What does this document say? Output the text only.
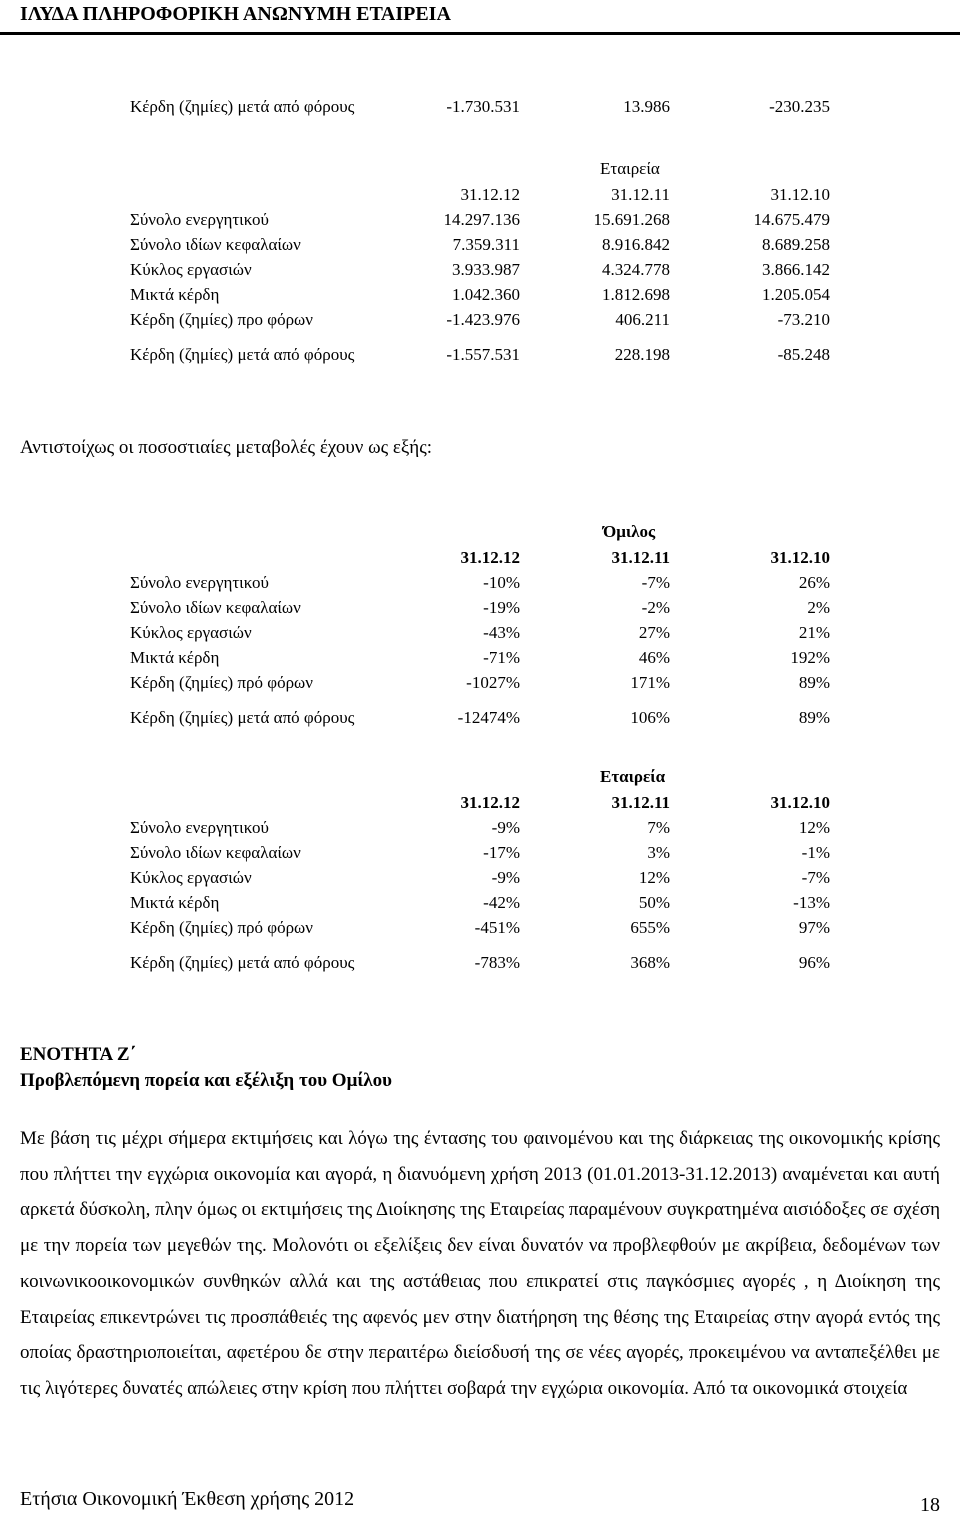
ΙΛΥΔΑ ΠΛΗΡΟΦΟΡΙΚΗ ΑΝΩΝΥΜΗ ΕΤΑΙΡΕΙΑ
Κέρδη (ζημίες) μετά από φόρους	-1.730.531	13.986	-230.235
	Εταιρεία		
	31.12.12	31.12.11	31.12.10
Σύνολο ενεργητικού	14.297.136	15.691.268	14.675.479
Σύνολο ιδίων κεφαλαίων	7.359.311	8.916.842	8.689.258
Κύκλος εργασιών	3.933.987	4.324.778	3.866.142
Μικτά κέρδη	1.042.360	1.812.698	1.205.054
Κέρδη (ζημίες) προ φόρων	-1.423.976	406.211	-73.210
Κέρδη (ζημίες) μετά από φόρους	-1.557.531	228.198	-85.248
Αντιστοίχως οι ποσοστιαίες μεταβολές έχουν ως εξής:
	Όμιλος		
	31.12.12	31.12.11	31.12.10
Σύνολο ενεργητικού	-10%	-7%	26%
Σύνολο ιδίων κεφαλαίων	-19%	-2%	2%
Κύκλος εργασιών	-43%	27%	21%
Μικτά κέρδη	-71%	46%	192%
Κέρδη (ζημίες) πρό φόρων	-1027%	171%	89%
Κέρδη (ζημίες) μετά από φόρους	-12474%	106%	89%
	Εταιρεία		
	31.12.12	31.12.11	31.12.10
Σύνολο ενεργητικού	-9%	7%	12%
Σύνολο ιδίων κεφαλαίων	-17%	3%	-1%
Κύκλος εργασιών	-9%	12%	-7%
Μικτά κέρδη	-42%	50%	-13%
Κέρδη (ζημίες) πρό φόρων	-451%	655%	97%
Κέρδη (ζημίες) μετά από φόρους	-783%	368%	96%
ΕΝΟΤΗΤΑ Ζ΄
Προβλεπόμενη πορεία και εξέλιξη του Ομίλου
Με βάση τις μέχρι σήμερα εκτιμήσεις και λόγω της έντασης του φαινομένου και της διάρκειας της οικονομικής κρίσης που πλήττει την εγχώρια οικονομία και αγορά, η διανυόμενη χρήση 2013 (01.01.2013-31.12.2013) αναμένεται και αυτή αρκετά δύσκολη, πλην όμως οι εκτιμήσεις της Διοίκησης της Εταιρείας παραμένουν συγκρατημένα αισιόδοξες σε σχέση με την πορεία των μεγεθών της. Μολονότι οι εξελίξεις δεν είναι δυνατόν να προβλεφθούν με ακρίβεια, δεδομένων των κοινωνικοοικονομικών συνθηκών αλλά και της αστάθειας που επικρατεί στις παγκόσμιες αγορές , η Διοίκηση της Εταιρείας επικεντρώνει τις προσπάθειές της αφενός μεν στην διατήρηση της θέσης της Εταιρείας στην αγορά εντός της οποίας δραστηριοποιείται, αφετέρου δε στην περαιτέρω διείσδυσή της σε νέες αγορές, προκειμένου να ανταπεξέλθει με τις λιγότερες δυνατές απώλειες στην κρίση που πλήττει σοβαρά την εγχώρια οικονομία. Από τα οικονομικά στοιχεία
Ετήσια Οικονομική Έκθεση χρήσης 2012	18
